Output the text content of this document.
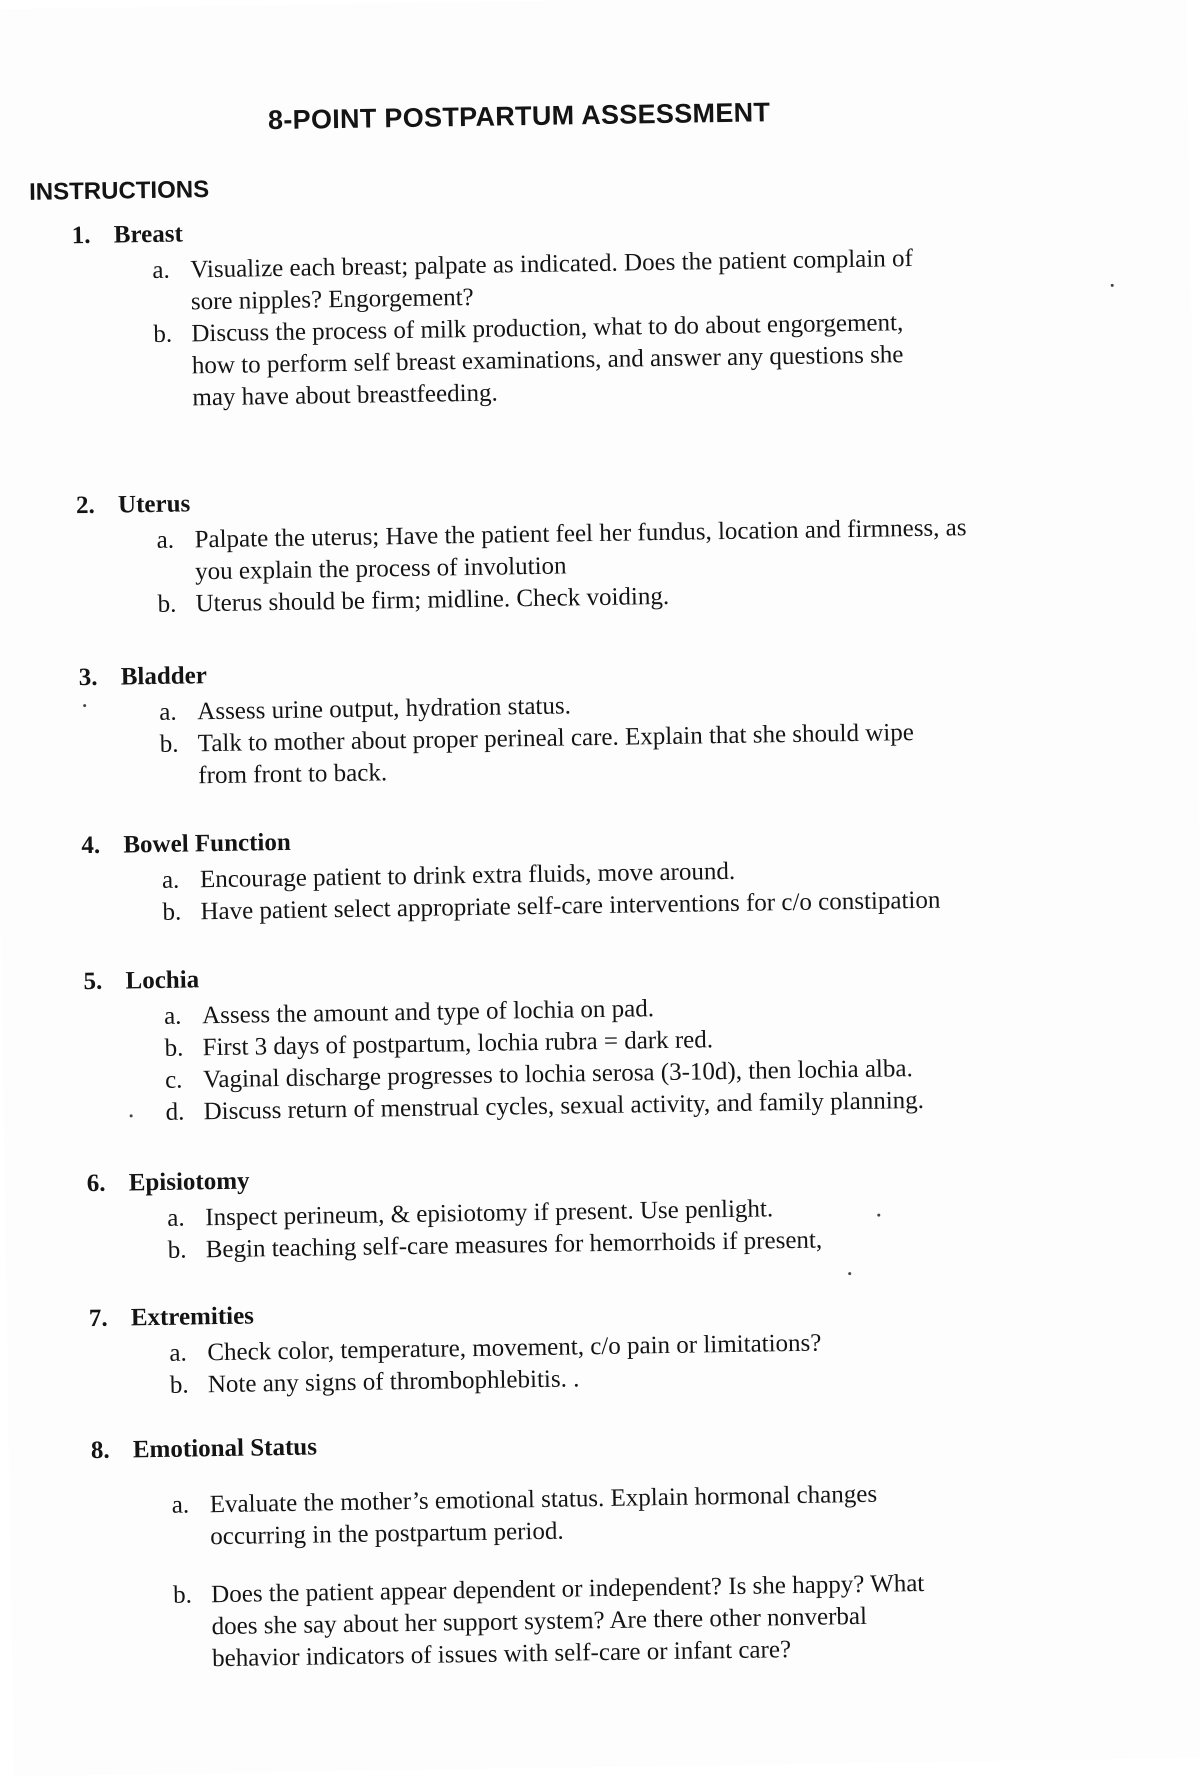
8-POINT POSTPARTUM ASSESSMENT
INSTRUCTIONS
1. Breast
a. Visualize each breast; palpate as indicated. Does the patient complain of sore nipples? Engorgement?
b. Discuss the process of milk production, what to do about engorgement, how to perform self breast examinations, and answer any questions she may have about breastfeeding.
2. Uterus
a. Palpate the uterus; Have the patient feel her fundus, location and firmness, as you explain the process of involution
b. Uterus should be firm; midline. Check voiding.
3. Bladder
a. Assess urine output, hydration status.
b. Talk to mother about proper perineal care. Explain that she should wipe from front to back.
4. Bowel Function
a. Encourage patient to drink extra fluids, move around.
b. Have patient select appropriate self-care interventions for c/o constipation
5. Lochia
a. Assess the amount and type of lochia on pad.
b. First 3 days of postpartum, lochia rubra = dark red.
c. Vaginal discharge progresses to lochia serosa (3-10d), then lochia alba.
d. Discuss return of menstrual cycles, sexual activity, and family planning.
6. Episiotomy
a. Inspect perineum, & episiotomy if present. Use penlight.
b. Begin teaching self-care measures for hemorrhoids if present,
7. Extremities
a. Check color, temperature, movement, c/o pain or limitations?
b. Note any signs of thrombophlebitis. .
8. Emotional Status
a. Evaluate the mother’s emotional status. Explain hormonal changes occurring in the postpartum period.
b. Does the patient appear dependent or independent? Is she happy? What does she say about her support system? Are there other nonverbal behavior indicators of issues with self-care or infant care?
